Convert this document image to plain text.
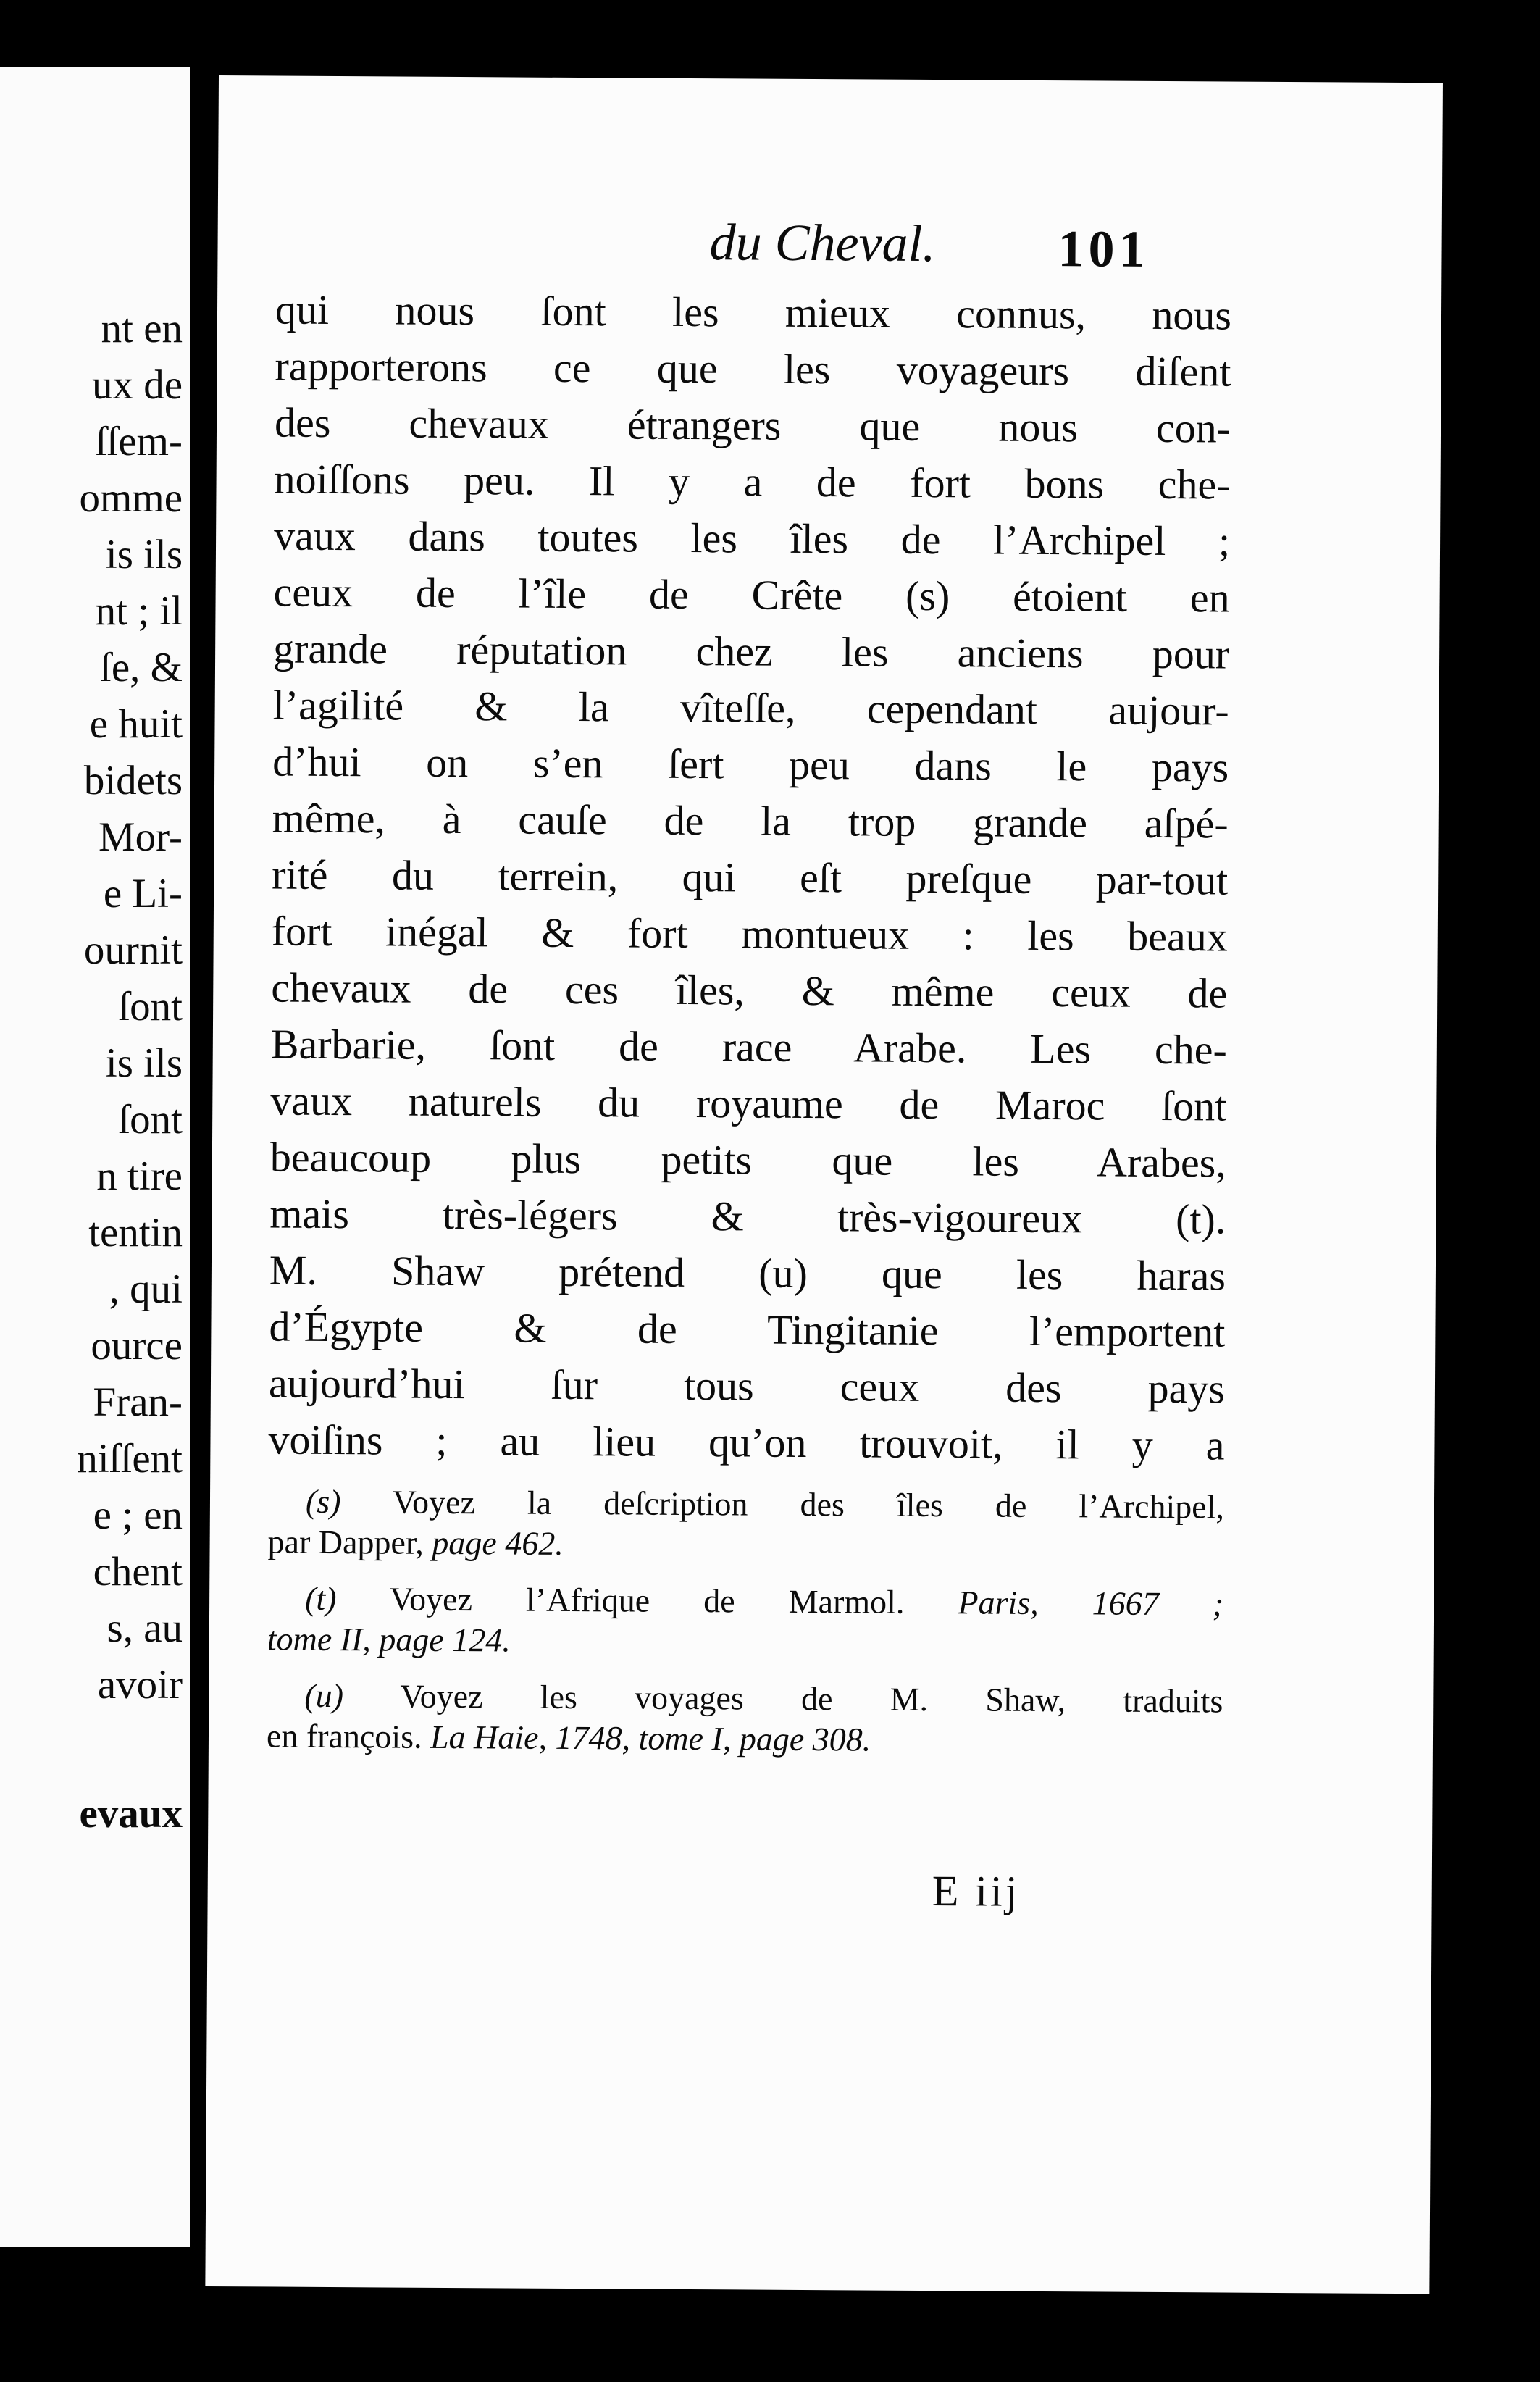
nt en
ux de
ſſem-
omme
is ils
nt ; il
ſe, &
e huit
bidets
Mor-
e Li-
ournit
ſont
is ils
ſont
n tire
tentin
, qui
ource
Fran-
niſſent
e ; en
chent
s, au
avoir
evaux
du Cheval.	101
qui nous ſont les mieux connus, nous
rapporterons ce que les voyageurs diſent
des chevaux étrangers que nous con-
noiſſons peu. Il y a de fort bons che-
vaux dans toutes les îles de l’Archipel ;
ceux de l’île de Crête (s) étoient en
grande réputation chez les anciens pour
l’agilité & la vîteſſe, cependant aujour-
d’hui on s’en ſert peu dans le pays
même, à cauſe de la trop grande aſpé-
rité du terrein, qui eſt preſque par-tout
fort inégal & fort montueux : les beaux
chevaux de ces îles, & même ceux de
Barbarie, ſont de race Arabe. Les che-
vaux naturels du royaume de Maroc ſont
beaucoup plus petits que les Arabes,
mais très-légers & très-vigoureux (t).
M. Shaw prétend (u) que les haras
d’Égypte & de Tingitanie l’emportent
aujourd’hui ſur tous ceux des pays
voiſins ; au lieu qu’on trouvoit, il y a
(s) Voyez la deſcription des îles de l’Archipel,
par Dapper, page 462.
(t) Voyez l’Afrique de Marmol. Paris, 1667 ;
tome II, page 124.
(u) Voyez les voyages de M. Shaw, traduits
en françois. La Haie, 1748, tome I, page 308.
E iij
